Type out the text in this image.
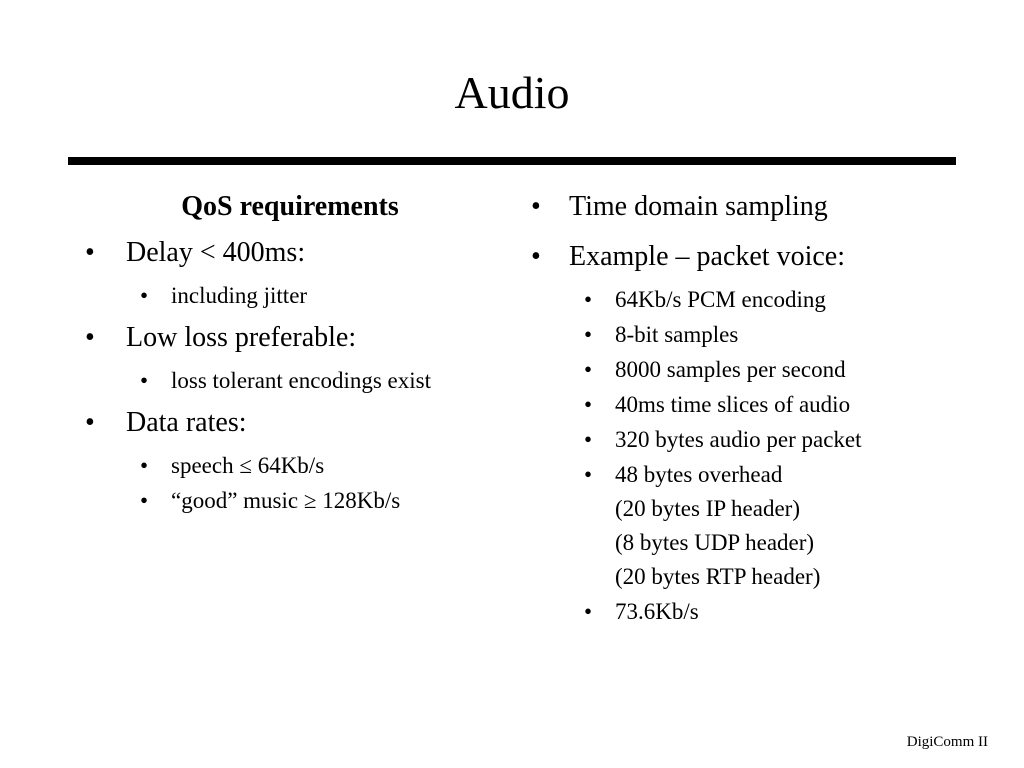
Audio
QoS requirements
• Delay < 400ms:
• including jitter
• Low loss preferable:
• loss tolerant encodings exist
• Data rates:
• speech ≤ 64Kb/s
• “good” music ≥ 128Kb/s
• Time domain sampling
• Example – packet voice:
• 64Kb/s PCM encoding
• 8-bit samples
• 8000 samples per second
• 40ms time slices of audio
• 320 bytes audio per packet
• 48 bytes overhead
(20 bytes IP header)
(8 bytes UDP header)
(20 bytes RTP header)
• 73.6Kb/s
DigiComm II
